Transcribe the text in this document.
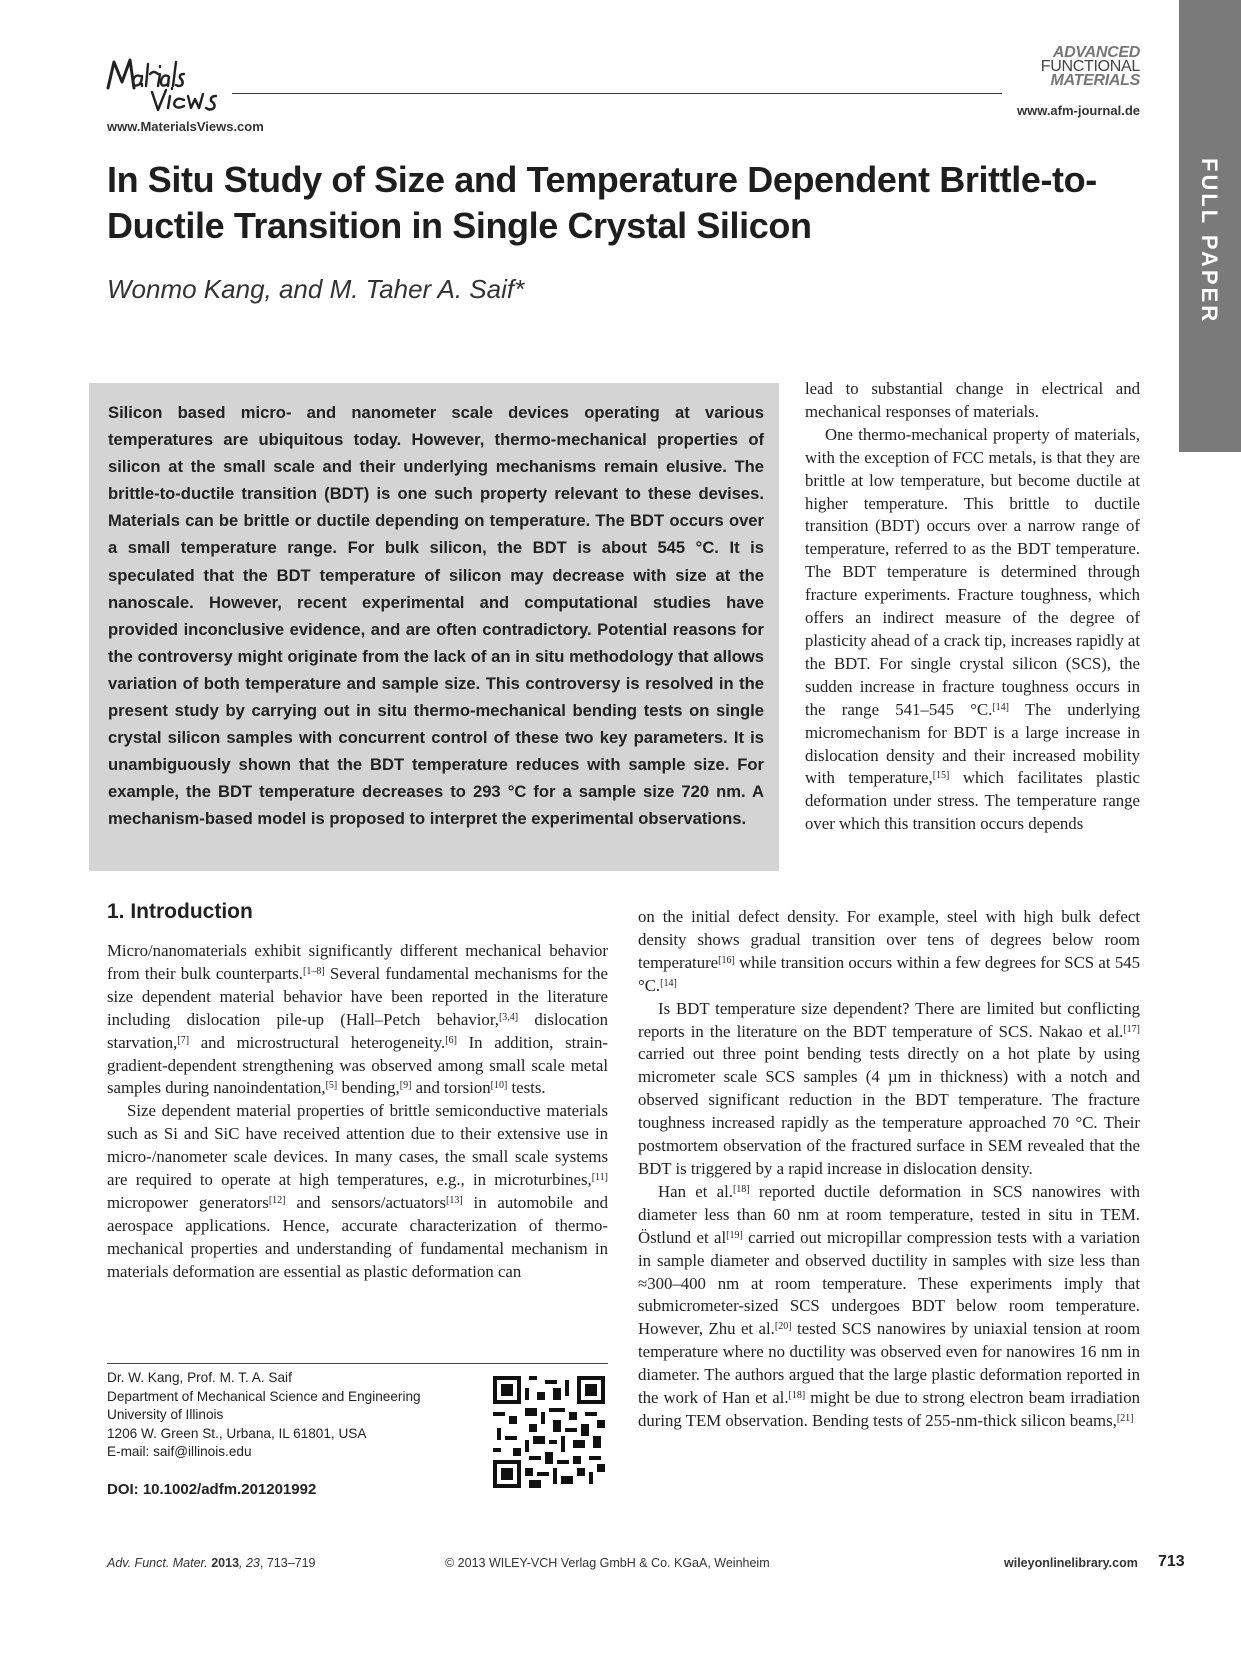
www.MaterialsViews.com
ADVANCED
FUNCTIONAL
MATERIALS
www.afm-journal.de
FULL PAPER
In Situ Study of Size and Temperature Dependent Brittle-to-Ductile Transition in Single Crystal Silicon
Wonmo Kang, and M. Taher A. Saif*

Silicon based micro- and nanometer scale devices operating at various temperatures are ubiquitous today. However, thermo-mechanical properties of silicon at the small scale and their underlying mechanisms remain elusive. The brittle-to-ductile transition (BDT) is one such property relevant to these devises. Materials can be brittle or ductile depending on temperature. The BDT occurs over a small temperature range. For bulk silicon, the BDT is about 545 °C. It is speculated that the BDT temperature of silicon may decrease with size at the nanoscale. However, recent experimental and computational studies have provided inconclusive evidence, and are often contradictory. Potential reasons for the controversy might originate from the lack of an in situ methodology that allows variation of both temperature and sample size. This controversy is resolved in the present study by carrying out in situ thermo-mechanical bending tests on single crystal silicon samples with concurrent control of these two key parameters. It is unambiguously shown that the BDT temperature reduces with sample size. For example, the BDT temperature decreases to 293 °C for a sample size 720 nm. A mechanism-based model is proposed to interpret the experimental observations.

lead to substantial change in electrical and mechanical responses of materials.

One thermo-mechanical property of materials, with the exception of FCC metals, is that they are brittle at low temperature, but become ductile at higher temperature. This brittle to ductile transition (BDT) occurs over a narrow range of temperature, referred to as the BDT temperature. The BDT temperature is determined through fracture experiments. Fracture toughness, which offers an indirect measure of the degree of plasticity ahead of a crack tip, increases rapidly at the BDT. For single crystal silicon (SCS), the sudden increase in fracture toughness occurs in the range 541–545 °C.[14] The underlying micromechanism for BDT is a large increase in dislocation density and their increased mobility with temperature,[15] which facilitates plastic deformation under stress. The temperature range over which this transition occurs depends

1. Introduction

Micro/nanomaterials exhibit significantly different mechanical behavior from their bulk counterparts.[1–8] Several fundamental mechanisms for the size dependent material behavior have been reported in the literature including dislocation pile-up (Hall–Petch behavior,[3,4] dislocation starvation,[7] and microstructural heterogeneity.[6] In addition, strain-gradient-dependent strengthening was observed among small scale metal samples during nanoindentation,[5] bending,[9] and torsion[10] tests.

Size dependent material properties of brittle semiconductive materials such as Si and SiC have received attention due to their extensive use in micro-/nanometer scale devices. In many cases, the small scale systems are required to operate at high temperatures, e.g., in microturbines,[11] micropower generators[12] and sensors/actuators[13] in automobile and aerospace applications. Hence, accurate characterization of thermo-mechanical properties and understanding of fundamental mechanism in materials deformation are essential as plastic deformation can

on the initial defect density. For example, steel with high bulk defect density shows gradual transition over tens of degrees below room temperature[16] while transition occurs within a few degrees for SCS at 545 °C.[14]

Is BDT temperature size dependent? There are limited but conflicting reports in the literature on the BDT temperature of SCS. Nakao et al.[17] carried out three point bending tests directly on a hot plate by using micrometer scale SCS samples (4 µm in thickness) with a notch and observed significant reduction in the BDT temperature. The fracture toughness increased rapidly as the temperature approached 70 °C. Their postmortem observation of the fractured surface in SEM revealed that the BDT is triggered by a rapid increase in dislocation density.

Han et al.[18] reported ductile deformation in SCS nanowires with diameter less than 60 nm at room temperature, tested in situ in TEM. Östlund et al[19] carried out micropillar compression tests with a variation in sample diameter and observed ductility in samples with size less than ≈300–400 nm at room temperature. These experiments imply that submicrometer-sized SCS undergoes BDT below room temperature. However, Zhu et al.[20] tested SCS nanowires by uniaxial tension at room temperature where no ductility was observed even for nanowires 16 nm in diameter. The authors argued that the large plastic deformation reported in the work of Han et al.[18] might be due to strong electron beam irradiation during TEM observation. Bending tests of 255-nm-thick silicon beams,[21]

Dr. W. Kang, Prof. M. T. A. Saif
Department of Mechanical Science and Engineering
University of Illinois
1206 W. Green St., Urbana, IL 61801, USA
E-mail: saif@illinois.edu
DOI: 10.1002/adfm.201201992
Adv. Funct. Mater. 2013, 23, 713–719	© 2013 WILEY-VCH Verlag GmbH & Co. KGaA, Weinheim	wileyonlinelibrary.com 713
